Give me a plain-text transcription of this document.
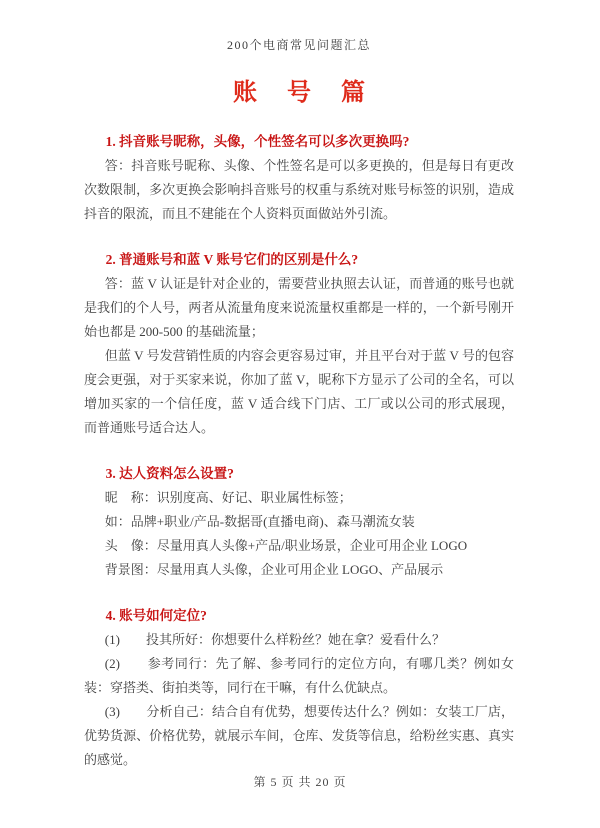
200个电商常见问题汇总
账 号 篇
1. 抖音账号昵称，头像，个性签名可以多次更换吗?

答：抖音账号昵称、头像、个性签名是可以多更换的，但是每日有更改次数限制，多次更换会影响抖音账号的权重与系统对账号标签的识别，造成抖音的限流，而且不建能在个人资料页面做站外引流。

2. 普通账号和蓝 V 账号它们的区别是什么?

答：蓝 V 认证是针对企业的，需要营业执照去认证，而普通的账号也就是我们的个人号，两者从流量角度来说流量权重都是一样的，一个新号刚开始也都是 200-500 的基础流量；

但蓝 V 号发营销性质的内容会更容易过审，并且平台对于蓝 V 号的包容度会更强，对于买家来说，你加了蓝 V，昵称下方显示了公司的全名，可以增加买家的一个信任度，蓝 V 适合线下门店、工厂或以公司的形式展现，而普通账号适合达人。

3. 达人资料怎么设置?

昵　称：识别度高、好记、职业属性标签；

如：品牌+职业/产品-数据哥(直播电商)、森马潮流女装

头　像：尽量用真人头像+产品/职业场景，企业可用企业 LOGO

背景图：尽量用真人头像，企业可用企业 LOGO、产品展示

4. 账号如何定位?

(1)　　投其所好：你想要什么样粉丝？她在拿？爱看什么？

(2)　　参考同行：先了解、参考同行的定位方向，有哪几类？例如女装：穿搭类、街拍类等，同行在干嘛，有什么优缺点。

(3)　　分析自己：结合自有优势，想要传达什么？例如：女装工厂店，优势货源、价格优势，就展示车间，仓库、发货等信息，给粉丝实惠、真实的感觉。

第 5 页 共 20 页
